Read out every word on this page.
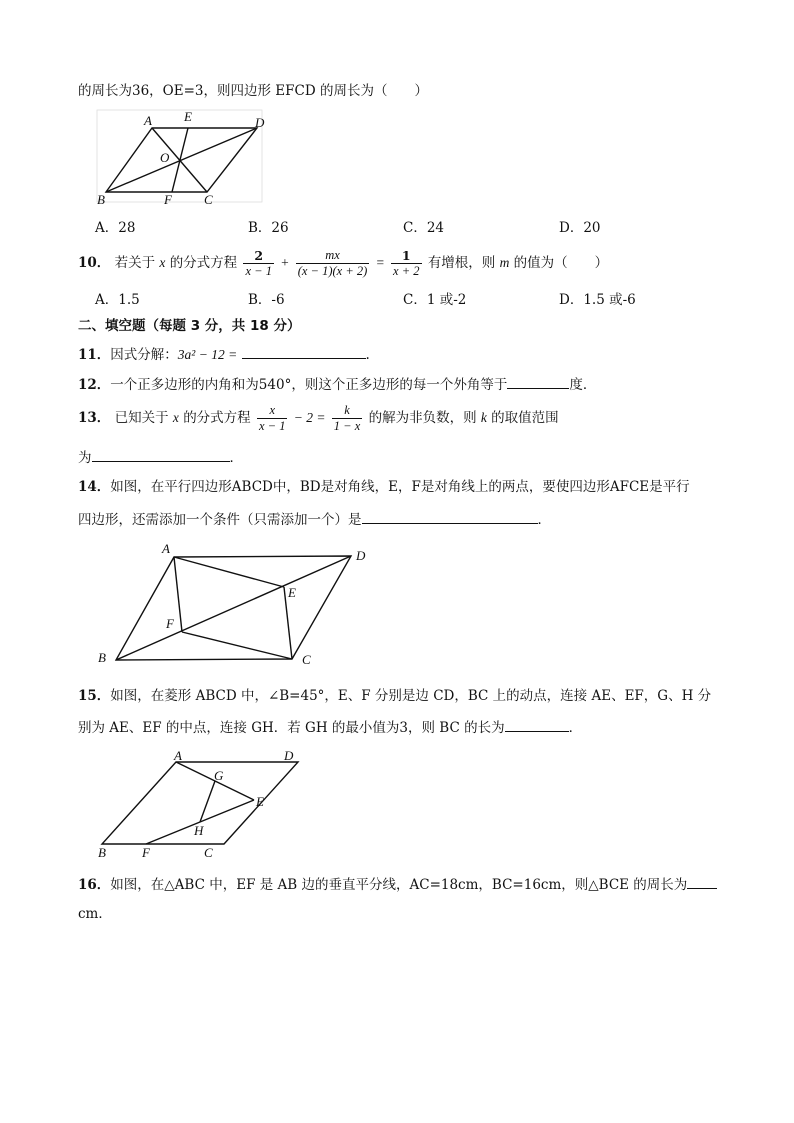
的周长为36，OE=3，则四边形 EFCD 的周长为（　　）
A E	D
O
B	F C
A．28	B．26	C．24	D．20
10． 若关于 x 的分式方程 $\frac{2}{x - 1} + \frac{mx}{(x - 1)(x + 2)} = \frac{1}{x + 2}$ 有增根，则 m 的值为（　　）
A．1.5	B．-6	C．1 或-2	D．1.5 或-6
二、填空题（每题 3 分，共 18 分）
11．因式分解：3a² − 12 =	.
12．一个正多边形的内角和为540°，则这个正多边形的每一个外角等于	度．
13． 已知关于 x 的分式方程 $\frac{x}{x - 1} - 2 = \frac{k}{1 - x}$ 的解为非负数，则 k 的取值范围
为	．
14．如图，在平行四边形ABCD中，BD是对角线，E，F是对角线上的两点，要使四边形AFCE是平行
四边形，还需添加一个条件（只需添加一个）是	．
A	D
E
F
B	C
15．如图，在菱形 ABCD 中，∠B=45°，E、F 分别是边 CD，BC 上的动点，连接 AE、EF，G、H 分
别为 AE、EF 的中点，连接 GH．若 GH 的最小值为3，则 BC 的长为	．
A	D
G
E
H
B	F	C
16．如图，在△ABC 中，EF 是 AB 边的垂直平分线，AC=18cm，BC=16cm，则△BCE 的周长为
cm．
